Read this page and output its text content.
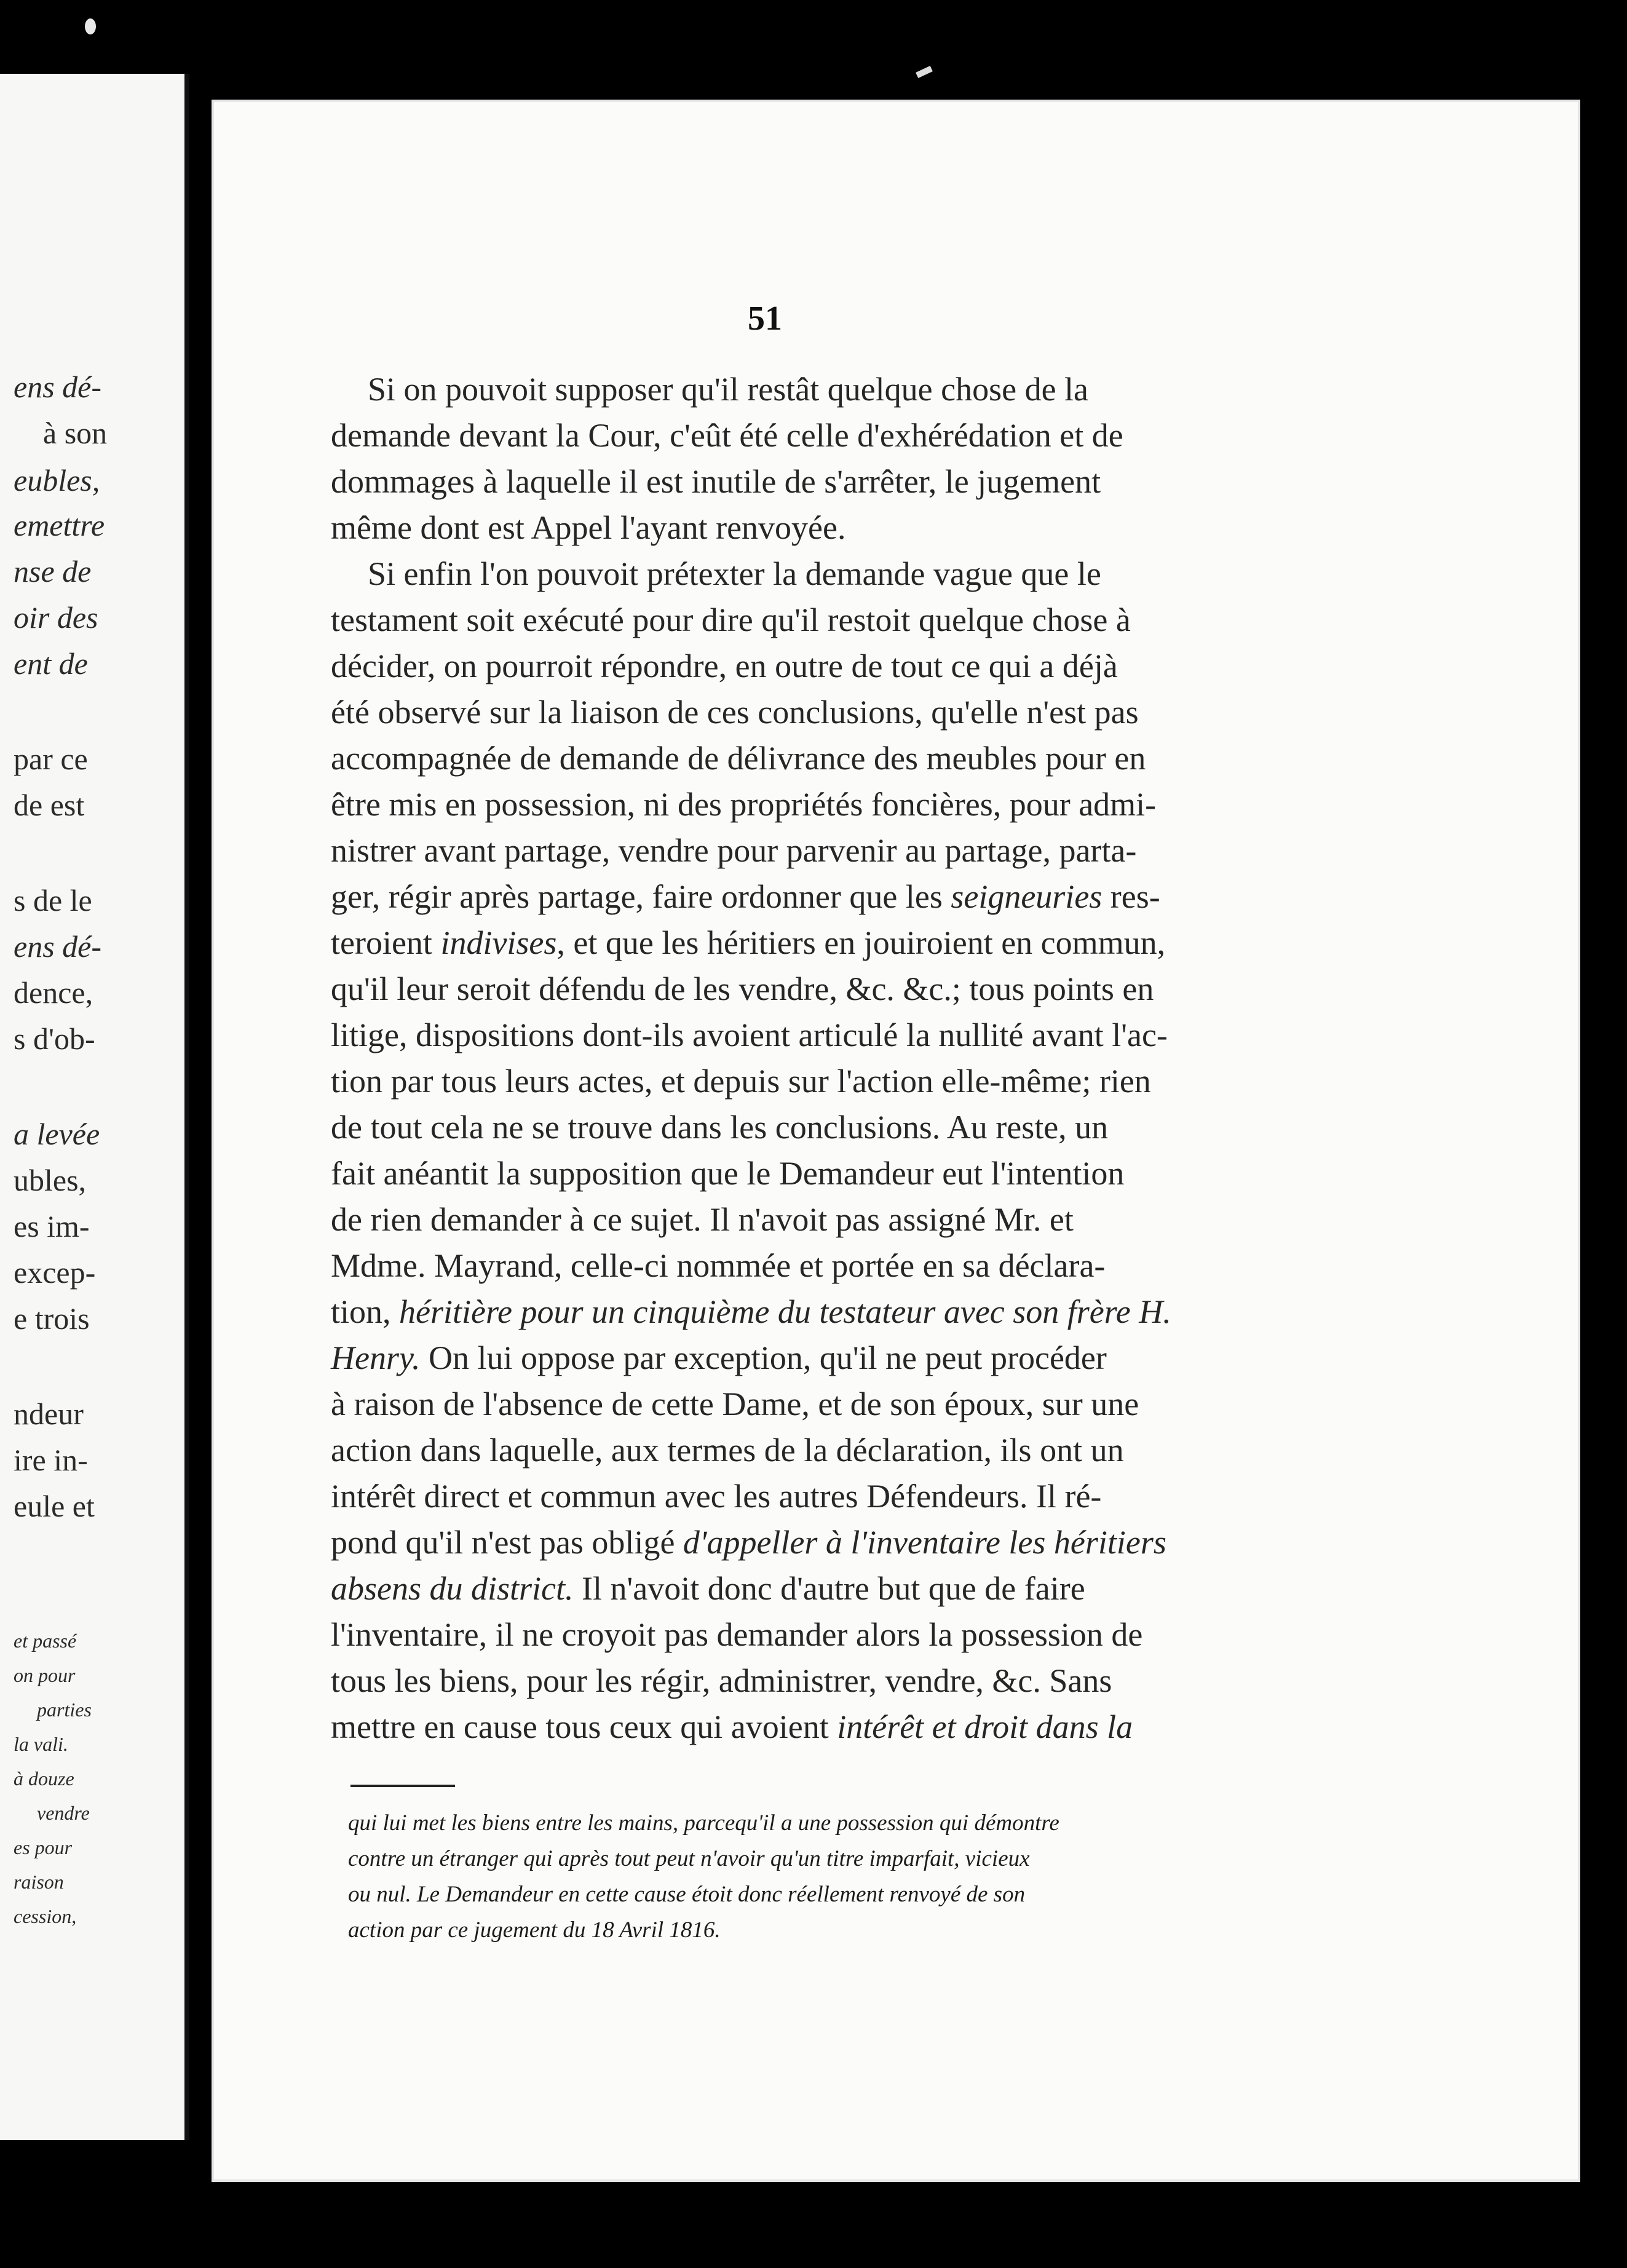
ens dé-
à son
eubles,
emettre
nse de
oir des
ent de
par ce
de est
s de le
ens dé-
dence,
s d'ob-
a levée
ubles,
es im-
excep-
e trois
ndeur
ire in-
eule et
et passé
on pour
parties
la vali.
à douze
vendre
es pour
raison
cession,
51
Si on pouvoit supposer qu'il restât quelque chose de la
demande devant la Cour, c'eût été celle d'exhérédation et de
dommages à laquelle il est inutile de s'arrêter, le jugement
même dont est Appel l'ayant renvoyée.
Si enfin l'on pouvoit prétexter la demande vague que le
testament soit exécuté pour dire qu'il restoit quelque chose à
décider, on pourroit répondre, en outre de tout ce qui a déjà
été observé sur la liaison de ces conclusions, qu'elle n'est pas
accompagnée de demande de délivrance des meubles pour en
être mis en possession, ni des propriétés foncières, pour admi-
nistrer avant partage, vendre pour parvenir au partage, parta-
ger, régir après partage, faire ordonner que les seigneuries res-
teroient indivises, et que les héritiers en jouiroient en commun,
qu'il leur seroit défendu de les vendre, &c. &c.; tous points en
litige, dispositions dont-ils avoient articulé la nullité avant l'ac-
tion par tous leurs actes, et depuis sur l'action elle-même; rien
de tout cela ne se trouve dans les conclusions. Au reste, un
fait anéantit la supposition que le Demandeur eut l'intention
de rien demander à ce sujet. Il n'avoit pas assigné Mr. et
Mdme. Mayrand, celle-ci nommée et portée en sa déclara-
tion, héritière pour un cinquième du testateur avec son frère H.
Henry. On lui oppose par exception, qu'il ne peut procéder
à raison de l'absence de cette Dame, et de son époux, sur une
action dans laquelle, aux termes de la déclaration, ils ont un
intérêt direct et commun avec les autres Défendeurs. Il ré-
pond qu'il n'est pas obligé d'appeller à l'inventaire les héritiers
absens du district. Il n'avoit donc d'autre but que de faire
l'inventaire, il ne croyoit pas demander alors la possession de
tous les biens, pour les régir, administrer, vendre, &c. Sans
mettre en cause tous ceux qui avoient intérêt et droit dans la
qui lui met les biens entre les mains, parcequ'il a une possession qui démontre
contre un étranger qui après tout peut n'avoir qu'un titre imparfait, vicieux
ou nul. Le Demandeur en cette cause étoit donc réellement renvoyé de son
action par ce jugement du 18 Avril 1816.
